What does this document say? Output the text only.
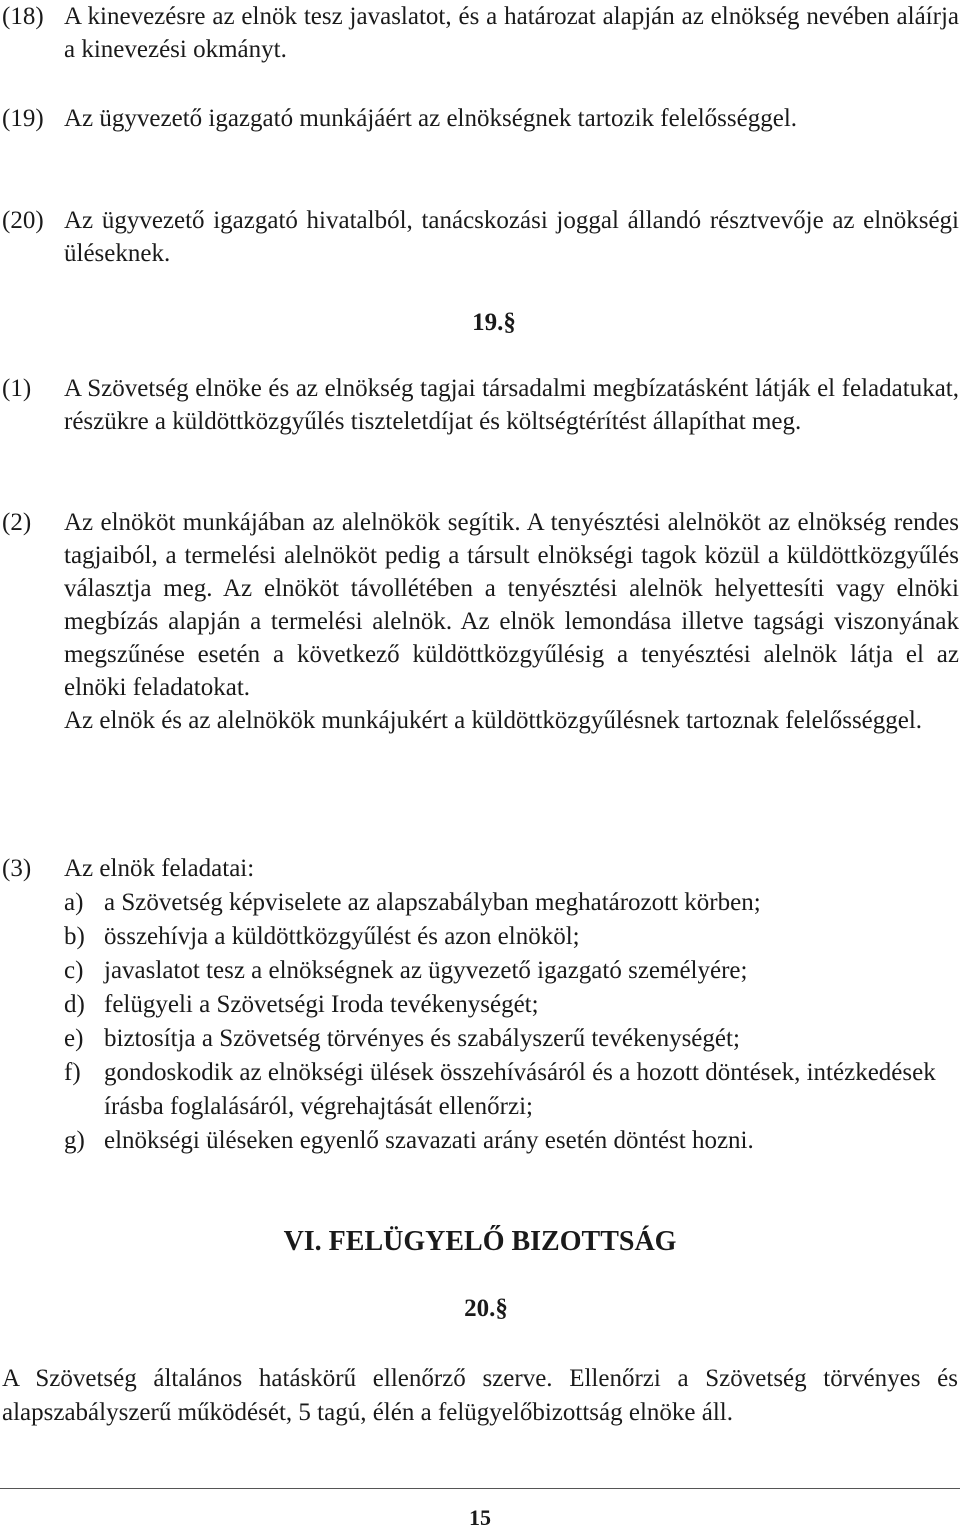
(18) A kinevezésre az elnök tesz javaslatot, és a határozat alapján az elnökség nevében aláírja a kinevezési okmányt.
(19) Az ügyvezető igazgató munkájáért az elnökségnek tartozik felelősséggel.
(20) Az ügyvezető igazgató hivatalból, tanácskozási joggal állandó résztvevője az elnökségi üléseknek.
19.§
(1) A Szövetség elnöke és az elnökség tagjai társadalmi megbízatásként látják el feladatukat, részükre a küldöttközgyűlés tiszteletdíjat és költségtérítést állapíthat meg.
(2) Az elnököt munkájában az alelnökök segítik. A tenyésztési alelnököt az elnökség rendes tagjaiból, a termelési alelnököt pedig a társult elnökségi tagok közül a küldöttközgyűlés választja meg. Az elnököt távollétében a tenyésztési alelnök helyettesíti vagy elnöki megbízás alapján a termelési alelnök. Az elnök lemondása illetve tagsági viszonyának megszűnése esetén a következő küldöttközgyűlésig a tenyésztési alelnök látja el az elnöki feladatokat.
Az elnök és az alelnökök munkájukért a küldöttközgyűlésnek tartoznak felelősséggel.
(3) Az elnök feladatai:
a) a Szövetség képviselete az alapszabályban meghatározott körben;
b) összehívja a küldöttközgyűlést és azon elnököl;
c) javaslatot tesz a elnökségnek az ügyvezető igazgató személyére;
d) felügyeli a Szövetségi Iroda tevékenységét;
e) biztosítja a Szövetség törvényes és szabályszerű tevékenységét;
f) gondoskodik az elnökségi ülések összehívásáról és a hozott döntések, intézkedések írásba foglalásáról, végrehajtását ellenőrzi;
g) elnökségi üléseken egyenlő szavazati arány esetén döntést hozni.
VI. FELÜGYELŐ BIZOTTSÁG
20.§
A Szövetség általános hatáskörű ellenőrző szerve. Ellenőrzi a Szövetség törvényes és alapszabályszerű működését, 5 tagú, élén a felügyelőbizottság elnöke áll.
15
